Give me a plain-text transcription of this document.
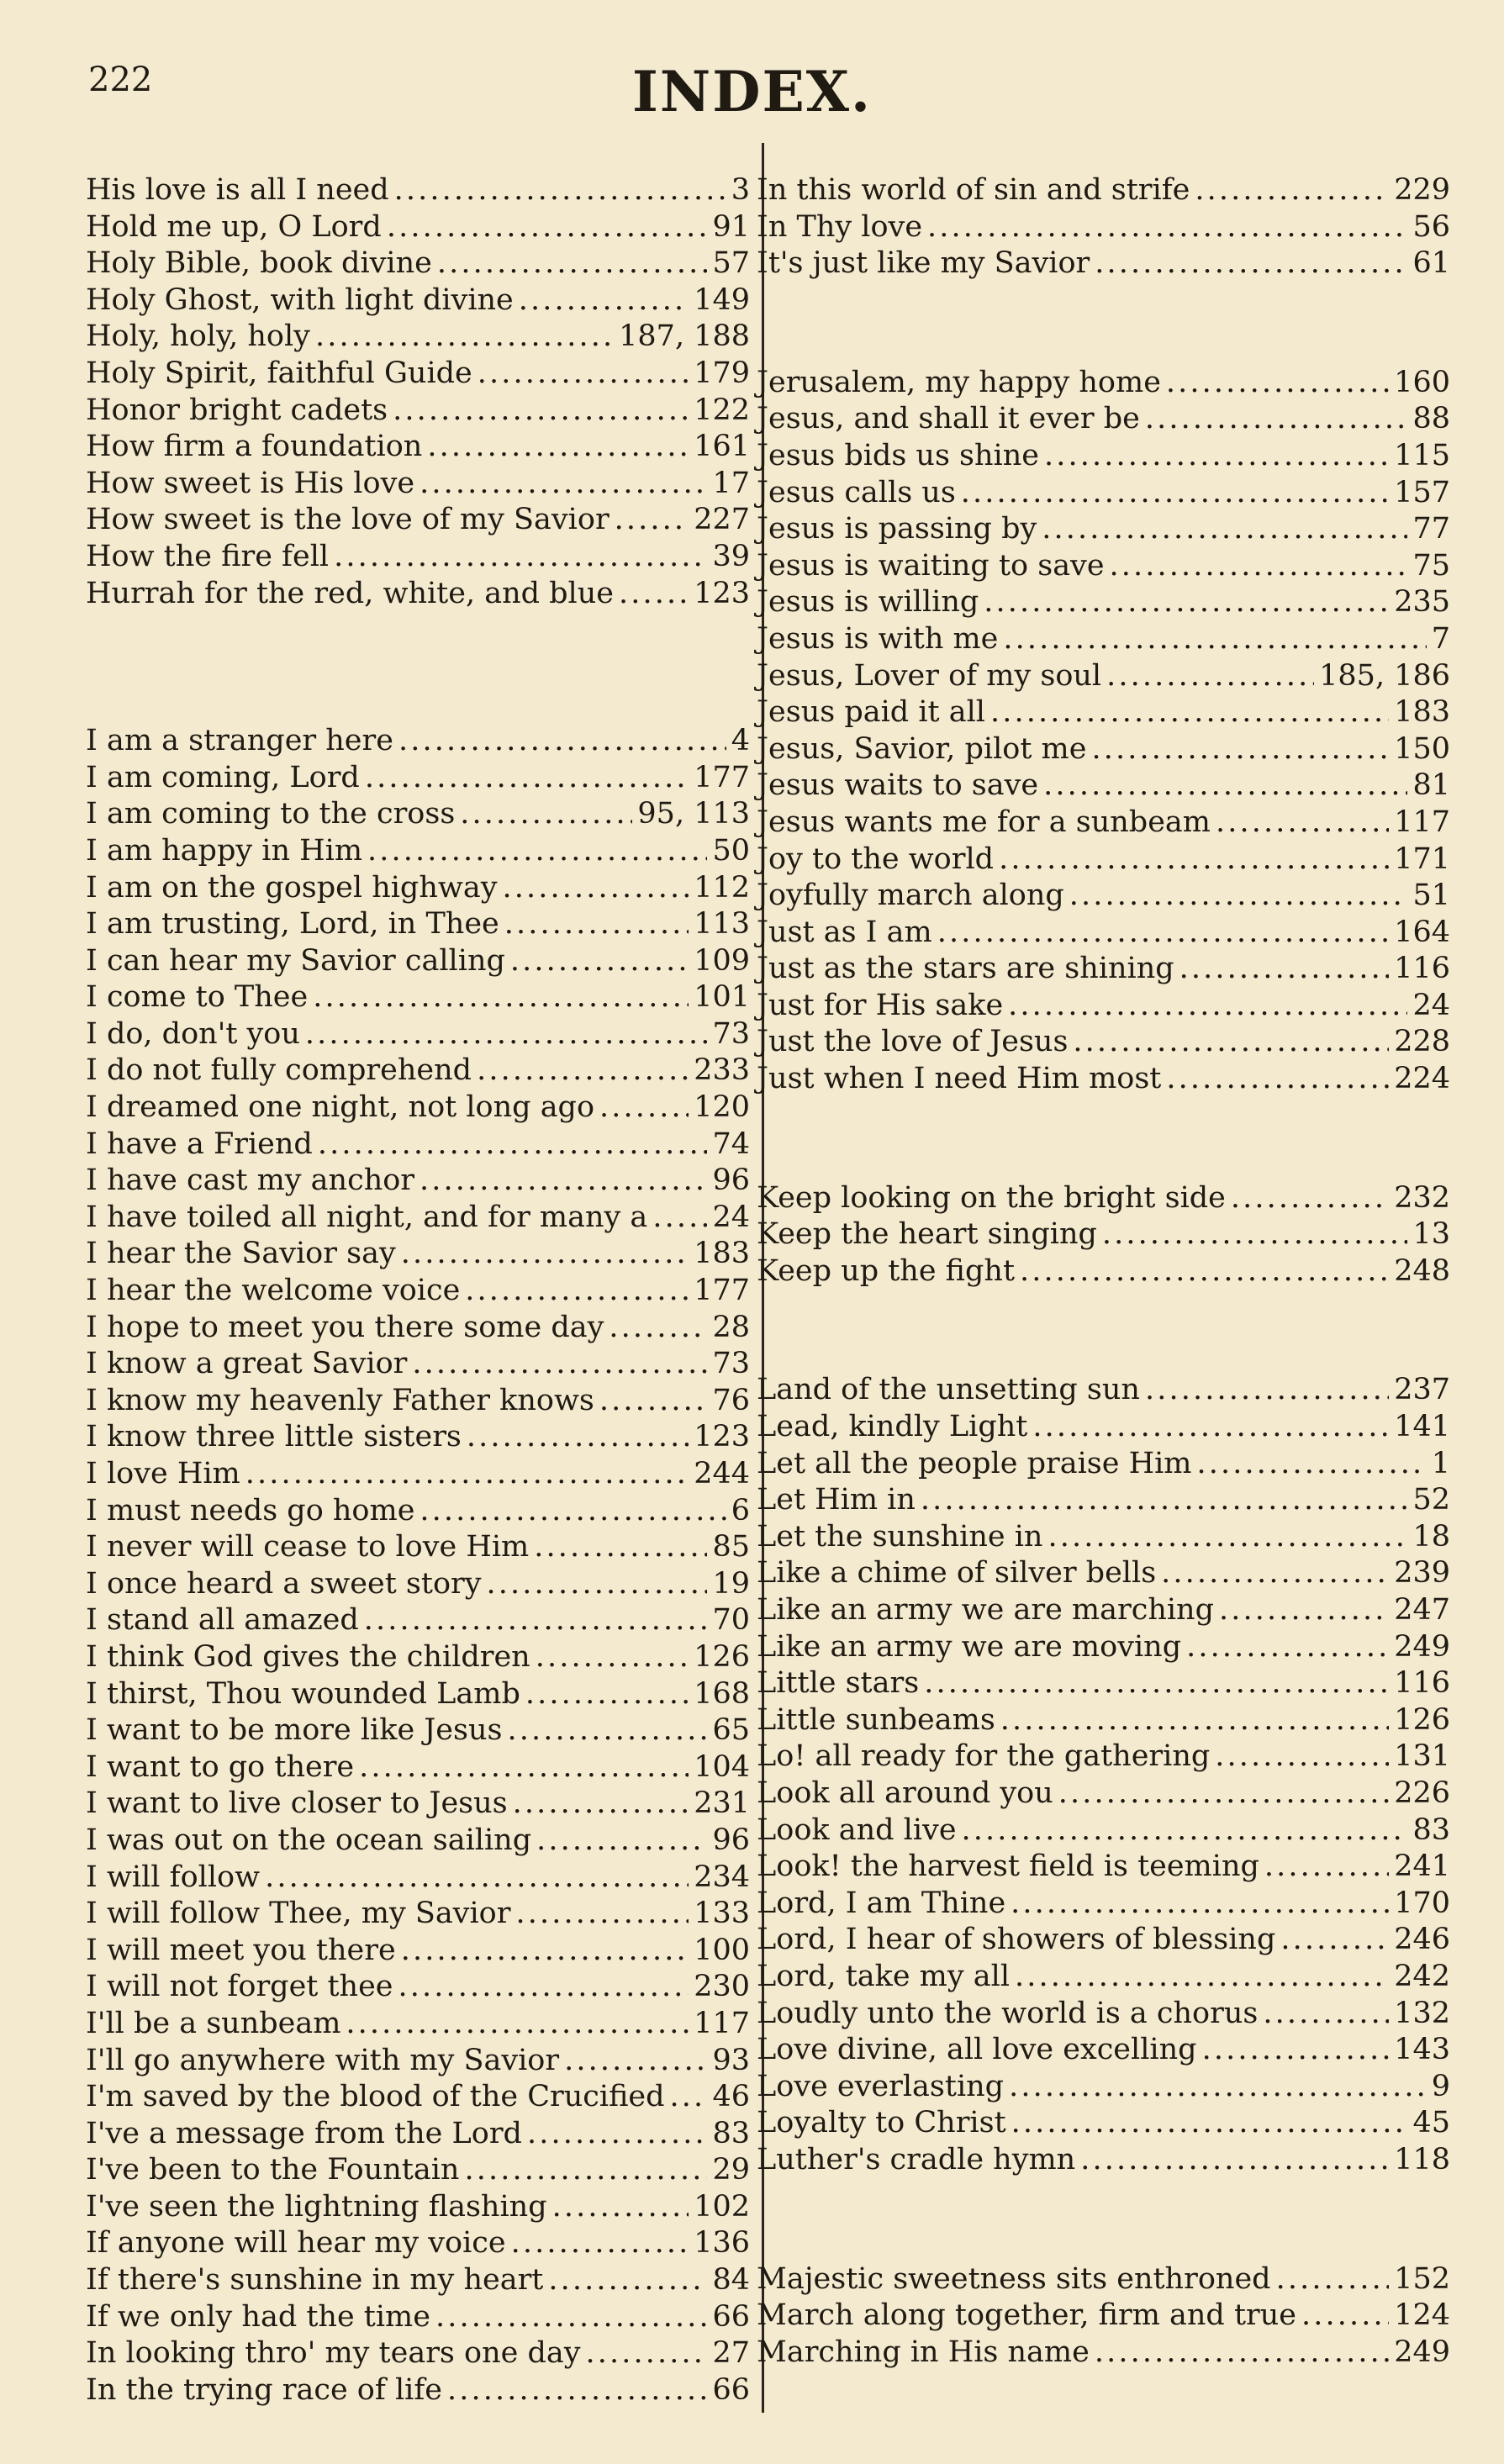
222	INDEX.
His love is all I need . . .	3
Hold me up, O Lord . . .	91
Holy Bible, book divine . . .	57
Holy Ghost, with light divine . . .	149
Holy, holy, holy . . .	187, 188
Holy Spirit, faithful Guide . . .	179
Honor bright cadets . . .	122
How firm a foundation . . .	161
How sweet is His love . . .	17
How sweet is the love of my Savior . . .	227
How the fire fell . . .	39
Hurrah for the red, white, and blue . . .	123
I am a stranger here . . .	4
I am coming, Lord . . .	177
I am coming to the cross . . .	95, 113
I am happy in Him . . .	50
I am on the gospel highway . . .	112
I am trusting, Lord, in Thee . . .	113
I can hear my Savior calling . . .	109
I come to Thee . . .	101
I do, don't you . . .	73
I do not fully comprehend . . .	233
I dreamed one night, not long ago . . .	120
I have a Friend . . .	74
I have cast my anchor . . .	96
I have toiled all night, and for many a . . . 24
I hear the Savior say . . .	183
I hear the welcome voice . . .	177
I hope to meet you there some day . . .	28
I know a great Savior . . .	73
I know my heavenly Father knows . . .	76
I know three little sisters . . .	123
I love Him . . .	244
I must needs go home . . .	6
I never will cease to love Him . . .	85
I once heard a sweet story . . .	19
I stand all amazed . . .	70
I think God gives the children . . .	126
I thirst, Thou wounded Lamb . . .	168
I want to be more like Jesus . . .	65
I want to go there . . .	104
I want to live closer to Jesus . . .	231
I was out on the ocean sailing . . .	96
I will follow . . .	234
I will follow Thee, my Savior . . .	133
I will meet you there . . .	100
I will not forget thee . . .	230
I'll be a sunbeam . . .	117
I'll go anywhere with my Savior . . .	93
I'm saved by the blood of the Crucified . . . 46
I've a message from the Lord . . .	83
I've been to the Fountain . . .	29
I've seen the lightning flashing . . .	102
If anyone will hear my voice . . .	136
If there's sunshine in my heart . . .	84
If we only had the time . . .	66
In looking thro' my tears one day . . .	27
In the trying race of life . . .	66
In this world of sin and strife . . .	229
In Thy love . . .	56
It's just like my Savior . . .	61
Jerusalem, my happy home . . .	160
Jesus, and shall it ever be . . .	88
Jesus bids us shine . . .	115
Jesus calls us . . .	157
Jesus is passing by . . .	77
Jesus is waiting to save . . .	75
Jesus is willing . . .	235
Jesus is with me . . .	7
Jesus, Lover of my soul . . .	185, 186
Jesus paid it all . . .	183
Jesus, Savior, pilot me . . .	150
Jesus waits to save . . .	81
Jesus wants me for a sunbeam . . .	117
Joy to the world . . .	171
Joyfully march along . . .	51
Just as I am . . .	164
Just as the stars are shining . . .	116
Just for His sake . . .	24
Just the love of Jesus . . .	228
Just when I need Him most . . .	224
Keep looking on the bright side . . .	232
Keep the heart singing . . .	13
Keep up the fight . . .	248
Land of the unsetting sun . . .	237
Lead, kindly Light . . .	141
Let all the people praise Him . . .	1
Let Him in . . .	52
Let the sunshine in . . .	18
Like a chime of silver bells . . .	239
Like an army we are marching . . .	247
Like an army we are moving . . .	249
Little stars . . .	116
Little sunbeams . . .	126
Lo! all ready for the gathering . . .	131
Look all around you . . .	226
Look and live . . .	83
Look! the harvest field is teeming . . .	241
Lord, I am Thine . . .	170
Lord, I hear of showers of blessing . . .	246
Lord, take my all . . .	242
Loudly unto the world is a chorus . . .	132
Love divine, all love excelling . . .	143
Love everlasting . . .	9
Loyalty to Christ . . .	45
Luther's cradle hymn . . .	118
Majestic sweetness sits enthroned . . .	152
March along together, firm and true . . .	124
Marching in His name . . .	249
